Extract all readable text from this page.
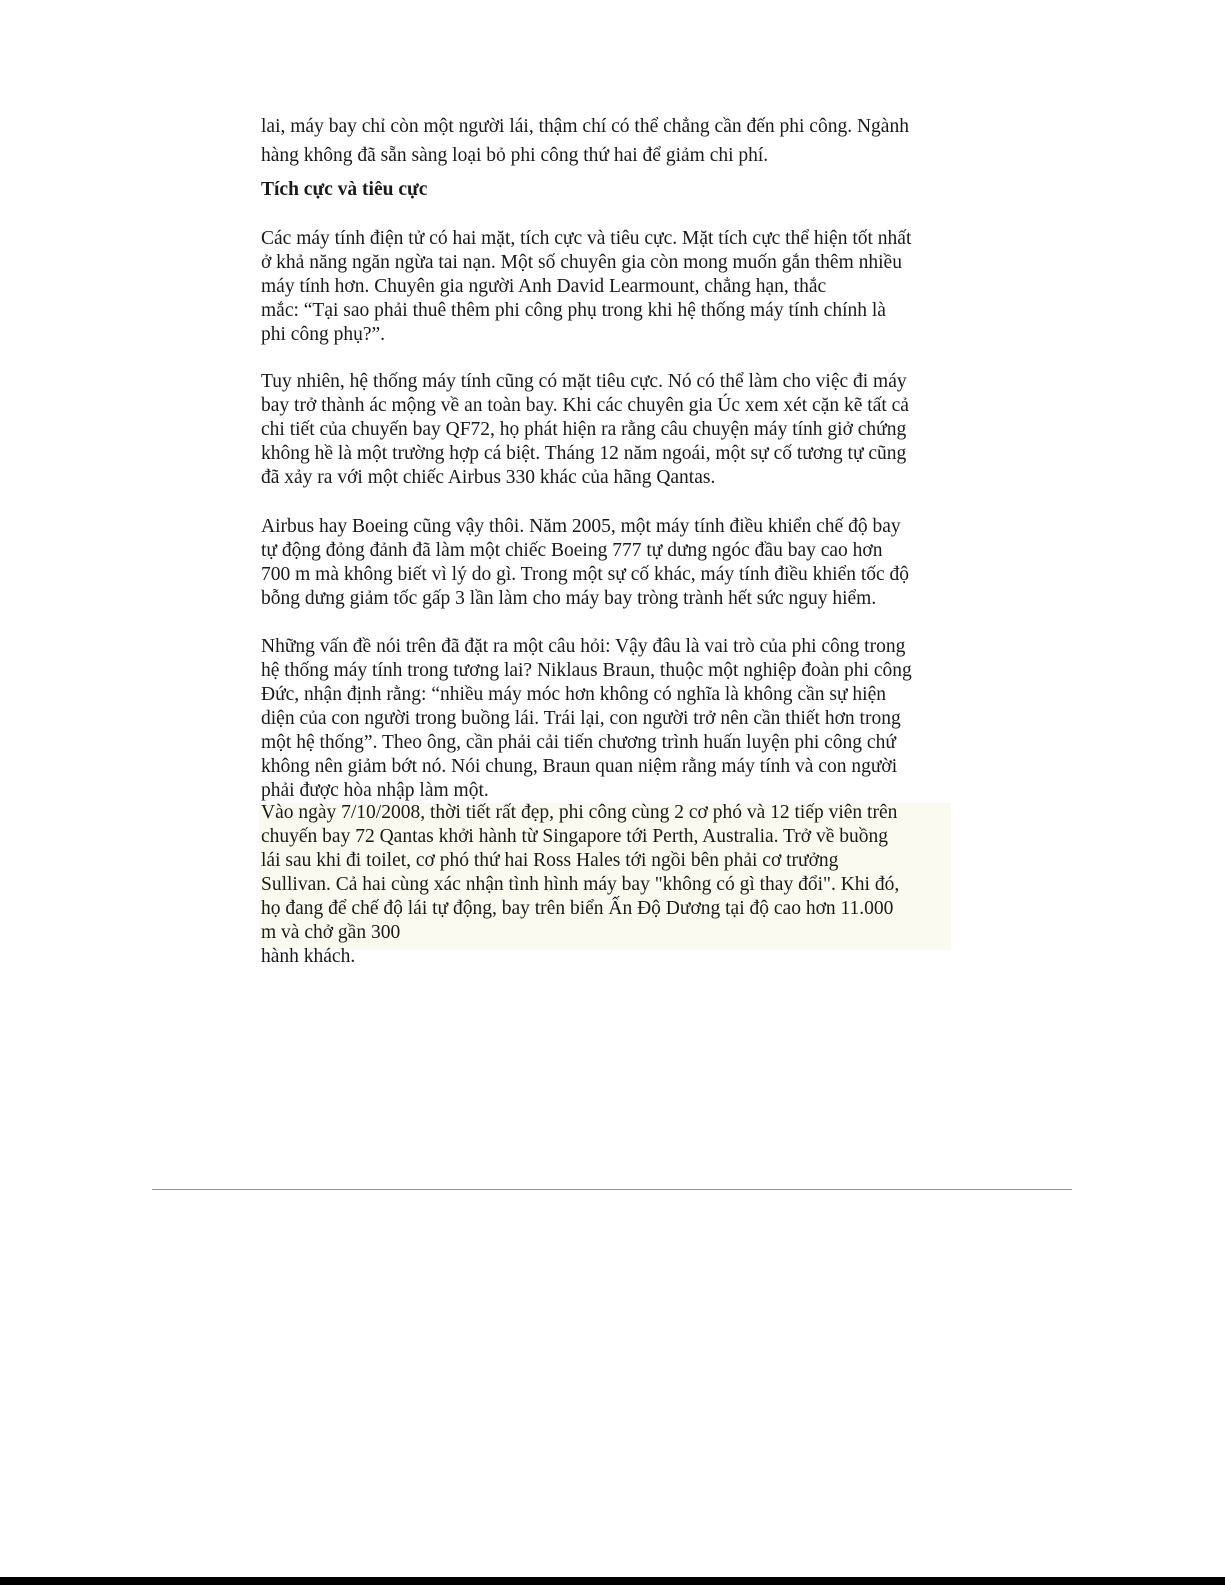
lai, máy bay chỉ còn một người lái, thậm chí có thể chẳng cần đến phi công. Ngành
hàng không đã sẵn sàng loại bỏ phi công thứ hai để giảm chi phí.

Tích cực và tiêu cực

Các máy tính điện tử có hai mặt, tích cực và tiêu cực. Mặt tích cực thể hiện tốt nhất
ở khả năng ngăn ngừa tai nạn. Một số chuyên gia còn mong muốn gắn thêm nhiều
máy tính hơn. Chuyên gia người Anh David Learmount, chẳng hạn, thắc
mắc: “Tại sao phải thuê thêm phi công phụ trong khi hệ thống máy tính chính là
phi công phụ?”.

Tuy nhiên, hệ thống máy tính cũng có mặt tiêu cực. Nó có thể làm cho việc đi máy
bay trở thành ác mộng về an toàn bay. Khi các chuyên gia Úc xem xét cặn kẽ tất cả
chi tiết của chuyến bay QF72, họ phát hiện ra rằng câu chuyện máy tính giở chứng
không hề là một trường hợp cá biệt. Tháng 12 năm ngoái, một sự cố tương tự cũng
đã xảy ra với một chiếc Airbus 330 khác của hãng Qantas.

Airbus hay Boeing cũng vậy thôi. Năm 2005, một máy tính điều khiển chế độ bay
tự động đỏng đảnh đã làm một chiếc Boeing 777 tự dưng ngóc đầu bay cao hơn
700 m mà không biết vì lý do gì. Trong một sự cố khác, máy tính điều khiển tốc độ
bỗng dưng giảm tốc gấp 3 lần làm cho máy bay tròng trành hết sức nguy hiểm.

Những vấn đề nói trên đã đặt ra một câu hỏi: Vậy đâu là vai trò của phi công trong
hệ thống máy tính trong tương lai? Niklaus Braun, thuộc một nghiệp đoàn phi công
Đức, nhận định rằng: “nhiều máy móc hơn không có nghĩa là không cần sự hiện
diện của con người trong buồng lái. Trái lại, con người trở nên cần thiết hơn trong
một hệ thống”. Theo ông, cần phải cải tiến chương trình huấn luyện phi công chứ
không nên giảm bớt nó. Nói chung, Braun quan niệm rằng máy tính và con người
phải được hòa nhập làm một.

Vào ngày 7/10/2008, thời tiết rất đẹp, phi công cùng 2 cơ phó và 12 tiếp viên trên
chuyến bay 72 Qantas khởi hành từ Singapore tới Perth, Australia. Trở về buồng
lái sau khi đi toilet, cơ phó thứ hai Ross Hales tới ngồi bên phải cơ trưởng
Sullivan. Cả hai cùng xác nhận tình hình máy bay "không có gì thay đổi". Khi đó,
họ đang để chế độ lái tự động, bay trên biển Ấn Độ Dương tại độ cao hơn 11.000
m và chở gần 300
hành khách.
